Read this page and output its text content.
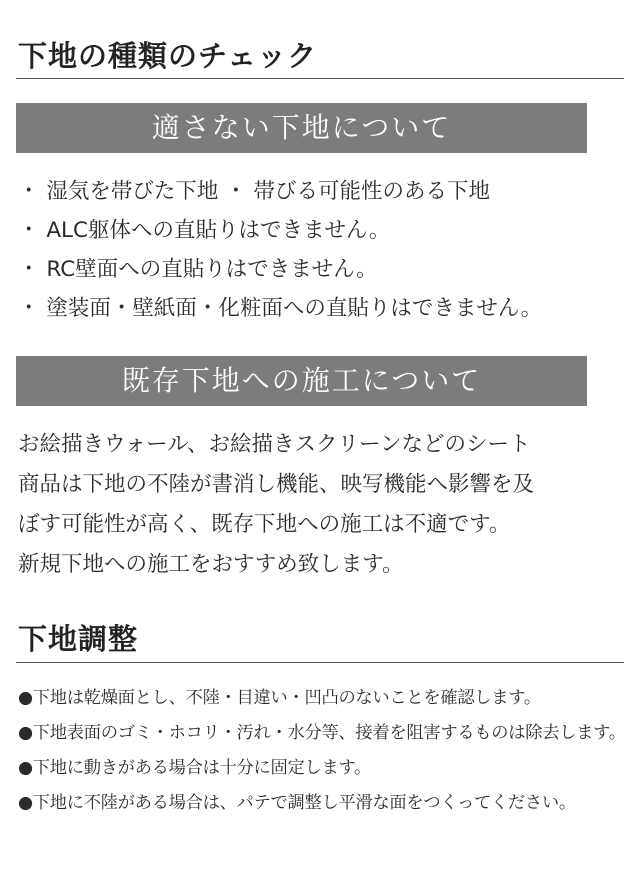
下地の種類のチェック
適さない下地について
・ 湿気を帯びた下地 ・ 帯びる可能性のある下地
・ ALC躯体への直貼りはできません。
・ RC壁面への直貼りはできません。
・ 塗装面・壁紙面・化粧面への直貼りはできません。
既存下地への施工について
お絵描きウォール、お絵描きスクリーンなどのシート
商品は下地の不陸が書消し機能、映写機能へ影響を及
ぼす可能性が高く、既存下地への施工は不適です。
新規下地への施工をおすすめ致します。
下地調整
●下地は乾燥面とし、不陸・目違い・凹凸のないことを確認します。
●下地表面のゴミ・ホコリ・汚れ・水分等、接着を阻害するものは除去します。
●下地に動きがある場合は十分に固定します。
●下地に不陸がある場合は、パテで調整し平滑な面をつくってください。
